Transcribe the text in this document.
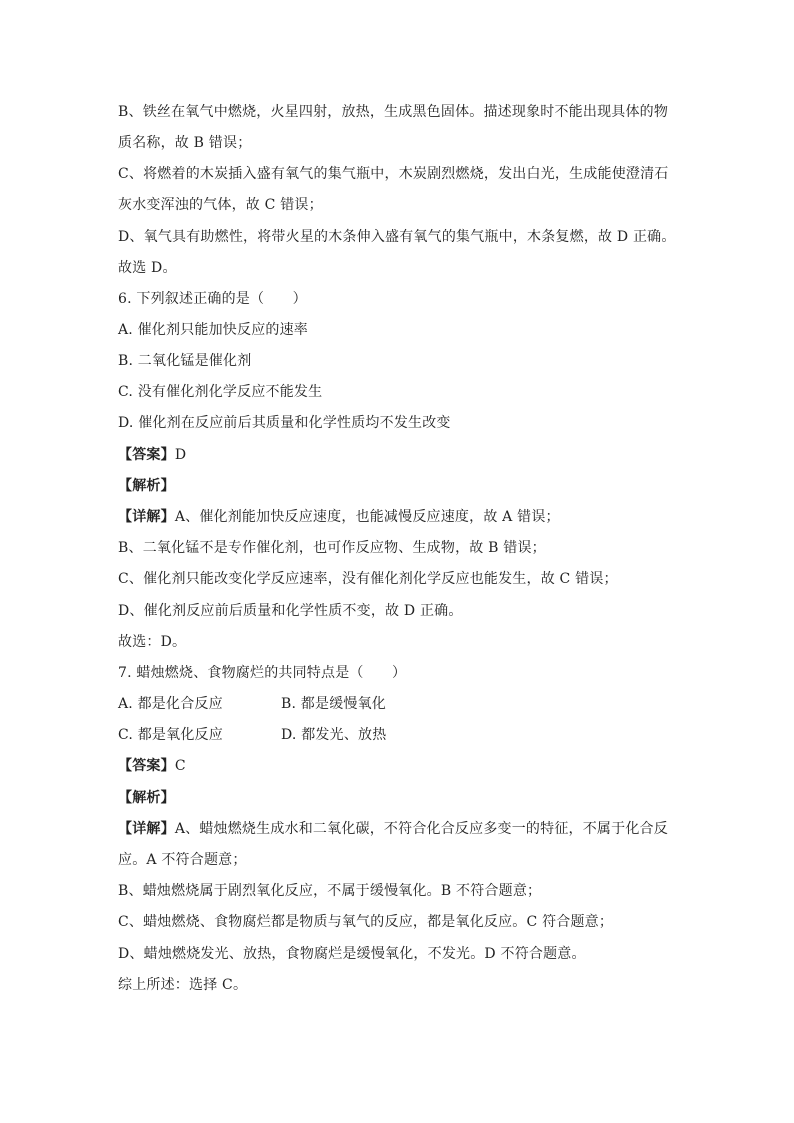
B、铁丝在氧气中燃烧，火星四射，放热，生成黑色固体。描述现象时不能出现具体的物
质名称，故 B 错误；
C、将燃着的木炭插入盛有氧气的集气瓶中，木炭剧烈燃烧，发出白光，生成能使澄清石
灰水变浑浊的气体，故 C 错误；
D、氧气具有助燃性，将带火星的木条伸入盛有氧气的集气瓶中，木条复燃，故 D 正确。
故选 D。
6. 下列叙述正确的是（　　）
A. 催化剂只能加快反应的速率
B. 二氧化锰是催化剂
C. 没有催化剂化学反应不能发生
D. 催化剂在反应前后其质量和化学性质均不发生改变
【答案】D
【解析】
【详解】A、催化剂能加快反应速度，也能减慢反应速度，故 A 错误；
B、二氧化锰不是专作催化剂，也可作反应物、生成物，故 B 错误；
C、催化剂只能改变化学反应速率，没有催化剂化学反应也能发生，故 C 错误；
D、催化剂反应前后质量和化学性质不变，故 D 正确。
故选：D。
7. 蜡烛燃烧、食物腐烂的共同特点是（　　）
A. 都是化合反应	B. 都是缓慢氧化
C. 都是氧化反应	D. 都发光、放热
【答案】C
【解析】
【详解】A、蜡烛燃烧生成水和二氧化碳，不符合化合反应多变一的特征，不属于化合反
应。A 不符合题意；
B、蜡烛燃烧属于剧烈氧化反应，不属于缓慢氧化。B 不符合题意；
C、蜡烛燃烧、食物腐烂都是物质与氧气的反应，都是氧化反应。C 符合题意；
D、蜡烛燃烧发光、放热，食物腐烂是缓慢氧化，不发光。D 不符合题意。
综上所述：选择 C。
